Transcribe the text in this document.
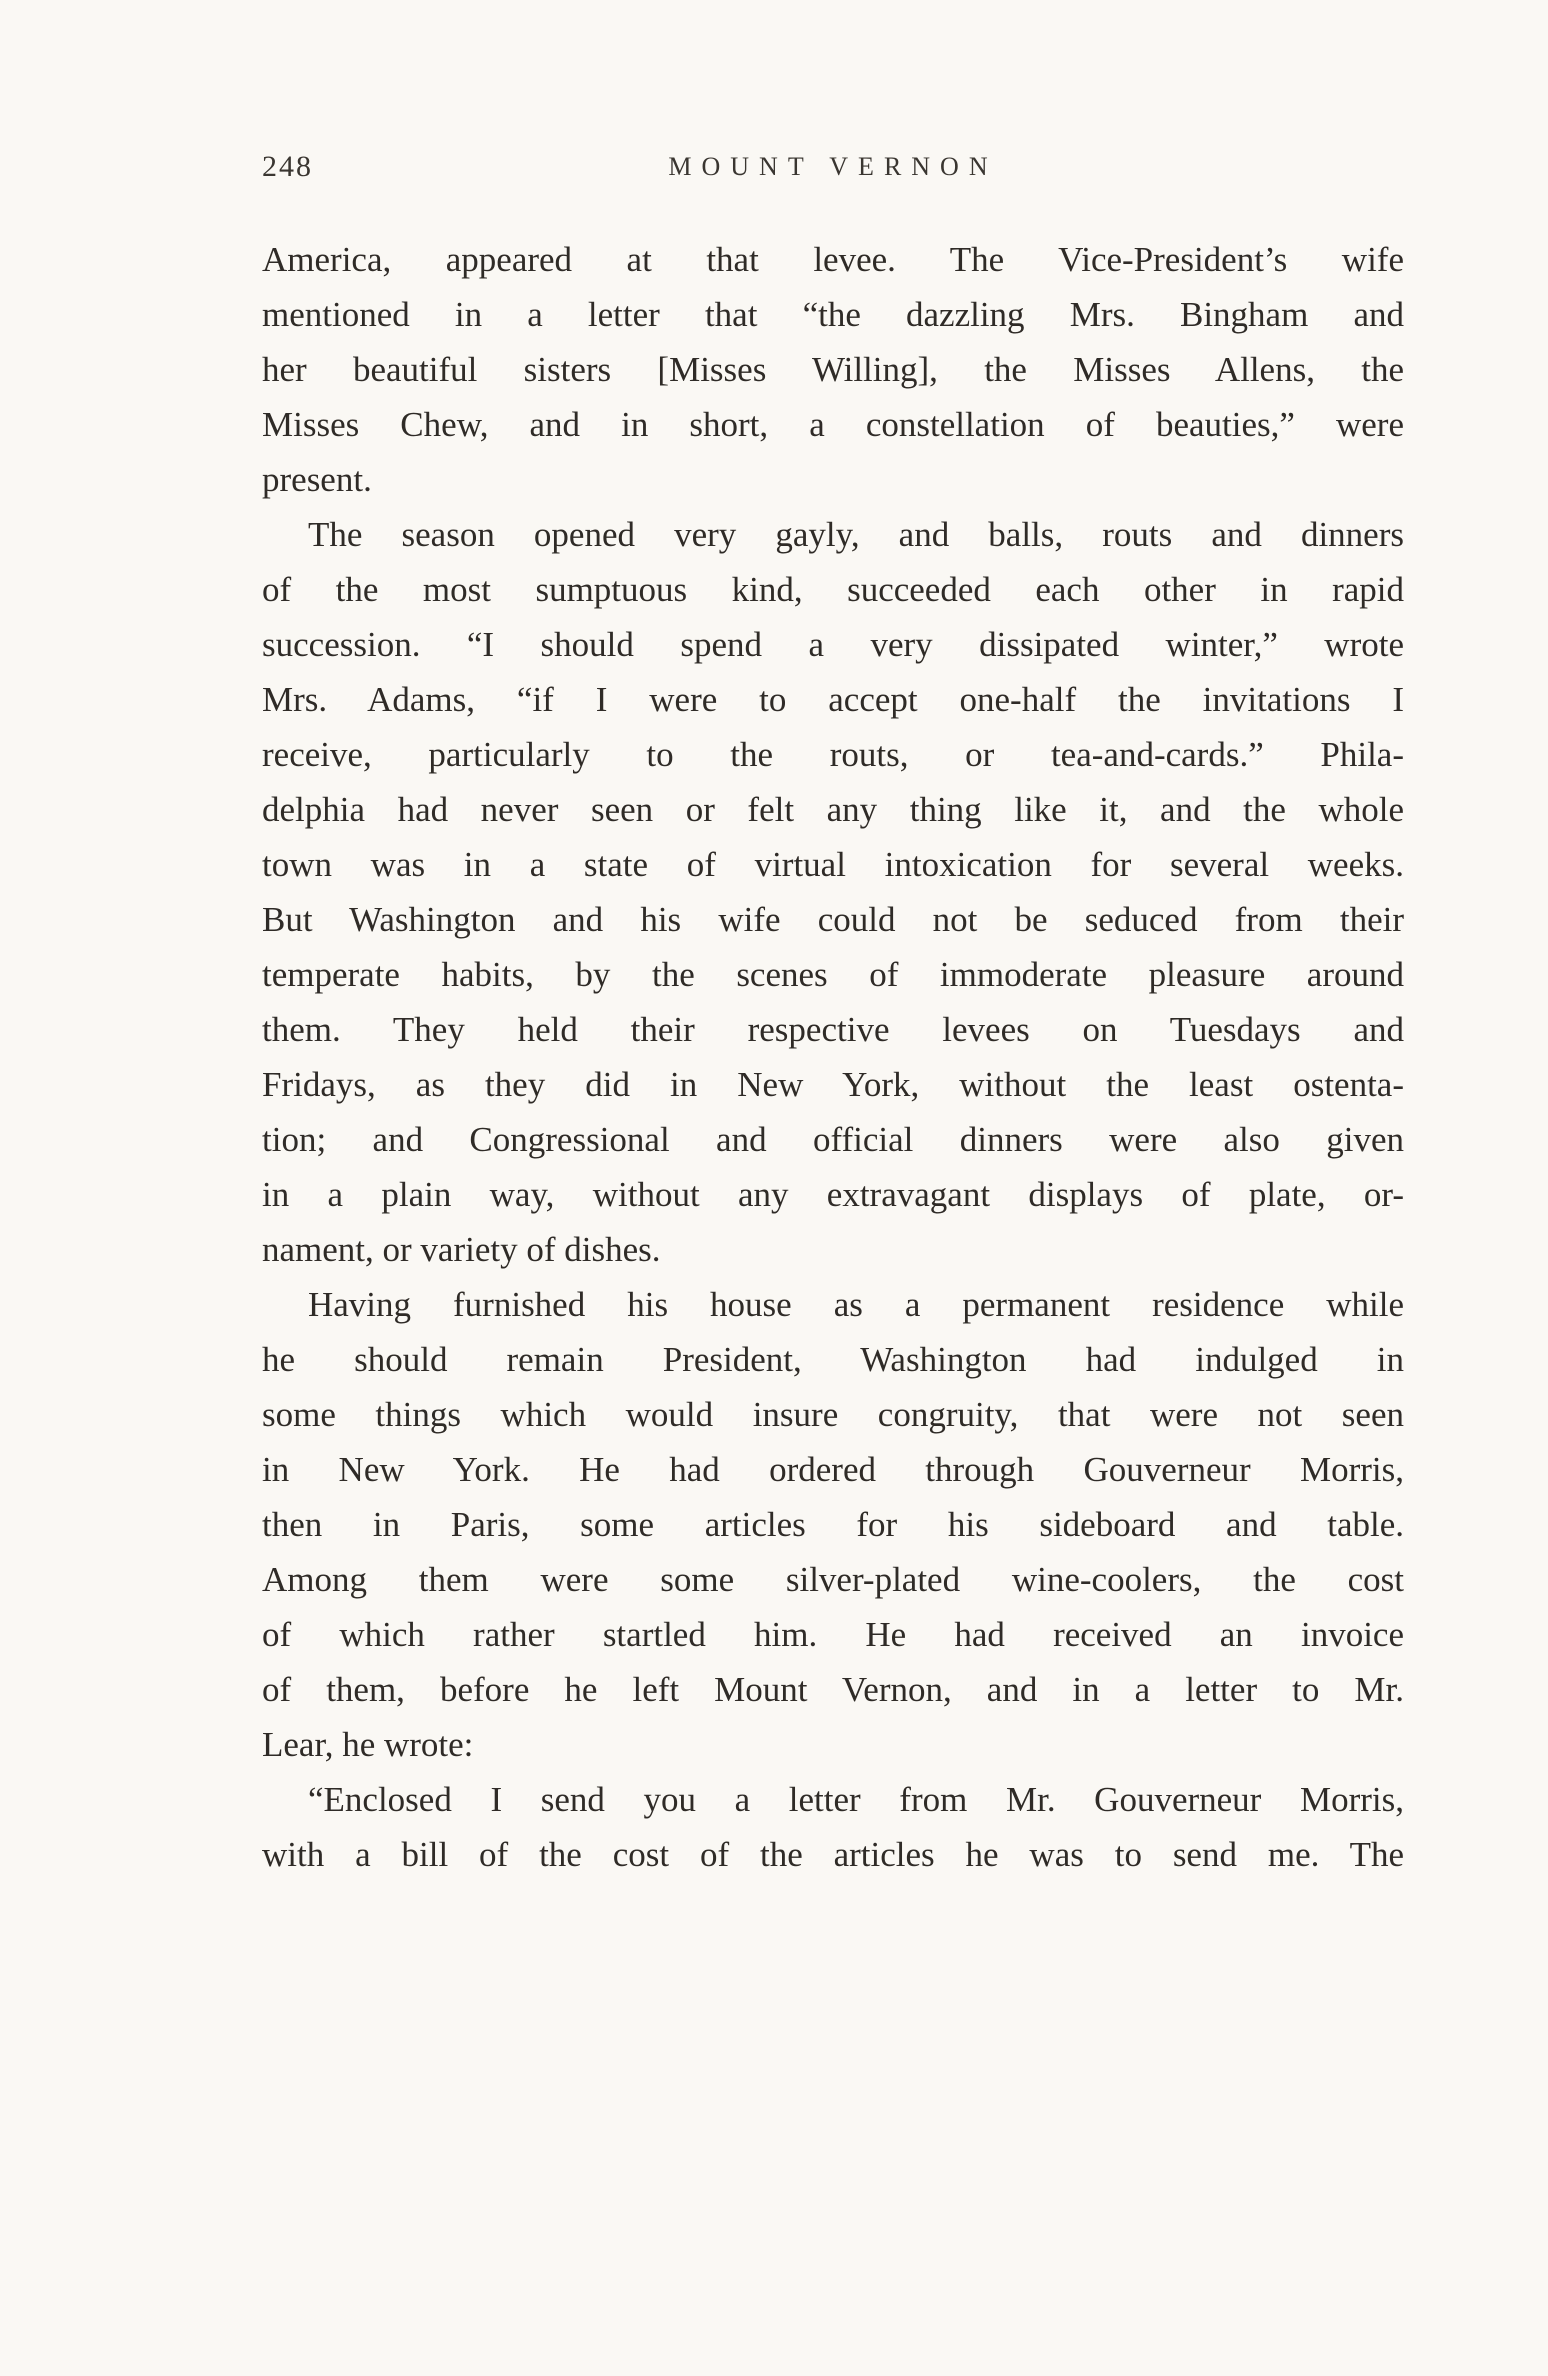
248	MOUNT VERNON
America, appeared at that levee. The Vice-President’s wife
mentioned in a letter that “the dazzling Mrs. Bingham and
her beautiful sisters [Misses Willing], the Misses Allens, the
Misses Chew, and in short, a constellation of beauties,” were
present.
The season opened very gayly, and balls, routs and dinners
of the most sumptuous kind, succeeded each other in rapid
succession. “I should spend a very dissipated winter,” wrote
Mrs. Adams, “if I were to accept one-half the invitations I
receive, particularly to the routs, or tea-and-cards.” Phila-
delphia had never seen or felt any thing like it, and the whole
town was in a state of virtual intoxication for several weeks.
But Washington and his wife could not be seduced from their
temperate habits, by the scenes of immoderate pleasure around
them. They held their respective levees on Tuesdays and
Fridays, as they did in New York, without the least ostenta-
tion; and Congressional and official dinners were also given
in a plain way, without any extravagant displays of plate, or-
nament, or variety of dishes.
Having furnished his house as a permanent residence while
he should remain President, Washington had indulged in
some things which would insure congruity, that were not seen
in New York. He had ordered through Gouverneur Morris,
then in Paris, some articles for his sideboard and table.
Among them were some silver-plated wine-coolers, the cost
of which rather startled him. He had received an invoice
of them, before he left Mount Vernon, and in a letter to Mr.
Lear, he wrote:
“Enclosed I send you a letter from Mr. Gouverneur Morris,
with a bill of the cost of the articles he was to send me. The
